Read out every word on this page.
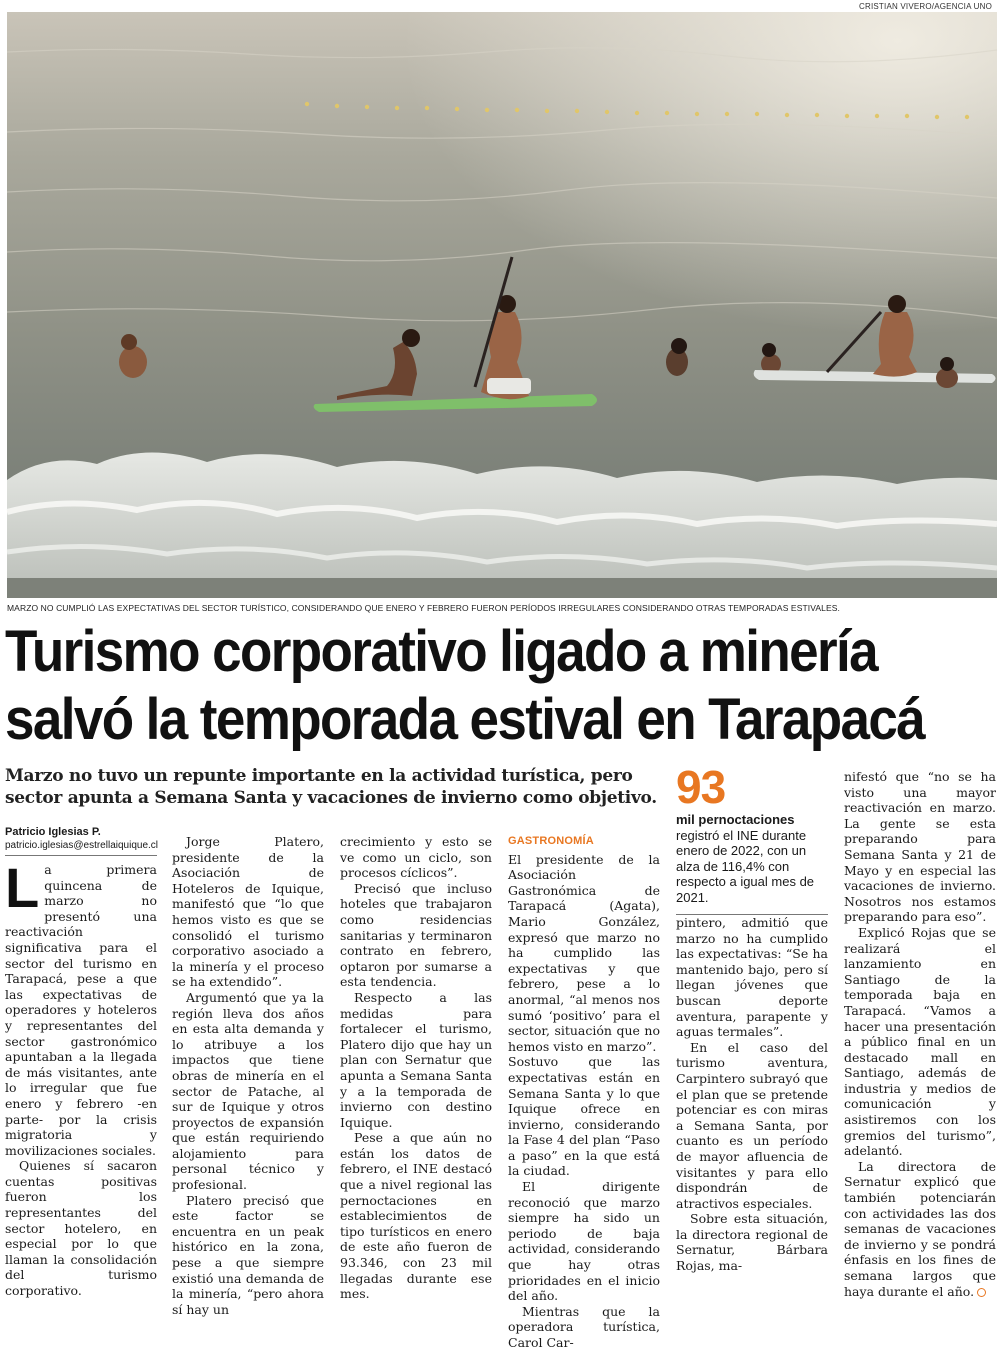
CRISTIAN VIVERO/AGENCIA UNO
MARZO NO CUMPLIÓ LAS EXPECTATIVAS DEL SECTOR TURÍSTICO, CONSIDERANDO QUE ENERO Y FEBRERO FUERON PERÍODOS IRREGULARES CONSIDERANDO OTRAS TEMPORADAS ESTIVALES.
Turismo corporativo ligado a minería
salvó la temporada estival en Tarapacá
Marzo no tuvo un repunte importante en la actividad turística, pero sector apunta a Semana Santa y vacaciones de invierno como objetivo.
Patricio Iglesias P.
patricio.iglesias@estrellaiquique.cl

La primera quincena de marzo no presentó una reactivación significativa para el sector del turismo en Tarapacá, pese a que las expectativas de operadores y hoteleros y representantes del sector gastronómico apuntaban a la llegada de más visitantes, ante lo irregular que fue enero y febrero -en parte- por la crisis migratoria y movilizaciones sociales.

Quienes sí sacaron cuentas positivas fueron los representantes del sector hotelero, en especial por lo que llaman la consolidación del turismo corporativo.

Jorge Platero, presidente de la Asociación de Hoteleros de Iquique, manifestó que “lo que hemos visto es que se consolidó el turismo corporativo asociado a la minería y el proceso se ha extendido”.

Argumentó que ya la región lleva dos años en esta alta demanda y lo atribuye a los impactos que tiene obras de minería en el sector de Patache, al sur de Iquique y otros proyectos de expansión que están requiriendo alojamiento para personal técnico y profesional.

Platero precisó que este factor se encuentra en un peak histórico en la zona, pese a que siempre existió una demanda de la minería, “pero ahora sí hay un

crecimiento y esto se ve como un ciclo, son procesos cíclicos”.

Precisó que incluso hoteles que trabajaron como residencias sanitarias y terminaron contrato en febrero, optaron por sumarse a esta tendencia.

Respecto a las medidas para fortalecer el turismo, Platero dijo que hay un plan con Sernatur que apunta a Semana Santa y a la temporada de invierno con destino Iquique.

Pese a que aún no están los datos de febrero, el INE destacó que a nivel regional las pernoctaciones en establecimientos de tipo turísticos en enero de este año fueron de 93.346, con 23 mil llegadas durante ese mes.

GASTRONOMÍA

El presidente de la Asociación Gastronómica de Tarapacá (Agata), Mario González, expresó que marzo no ha cumplido las expectativas y que febrero, pese a lo anormal, “al menos nos sumó ‘positivo’ para el sector, situación que no hemos visto en marzo”.

Sostuvo que las expectativas están en Semana Santa y lo que Iquique ofrece en invierno, considerando la Fase 4 del plan “Paso a paso” en la que está la ciudad.

El dirigente reconoció que marzo siempre ha sido un periodo de baja actividad, considerando que hay otras prioridades en el inicio del año.

Mientras que la operadora turística, Carol Car-

93
mil pernoctaciones registró el INE durante enero de 2022, con un alza de 116,4% con respecto a igual mes de 2021.

pintero, admitió que marzo no ha cumplido las expectativas: “Se ha mantenido bajo, pero sí llegan jóvenes que buscan deporte aventura, parapente y aguas termales”.

En el caso del turismo aventura, Carpintero subrayó que el plan que se pretende potenciar es con miras a Semana Santa, por cuanto es un período de mayor afluencia de visitantes y para ello dispondrán de atractivos especiales.

Sobre esta situación, la directora regional de Sernatur, Bárbara Rojas, ma-

nifestó que “no se ha visto una mayor reactivación en marzo. La gente se esta preparando para Semana Santa y 21 de Mayo y en especial las vacaciones de invierno. Nosotros nos estamos preparando para eso”.

Explicó Rojas que se realizará el lanzamiento en Santiago de la temporada baja en Tarapacá. “Vamos a hacer una presentación a público final en un destacado mall en Santiago, además de industria y medios de comunicación y asistiremos con los gremios del turismo”, adelantó.

La directora de Sernatur explicó que también potenciarán con actividades las dos semanas de vacaciones de invierno y se pondrá énfasis en los fines de semana largos que haya durante el año.
